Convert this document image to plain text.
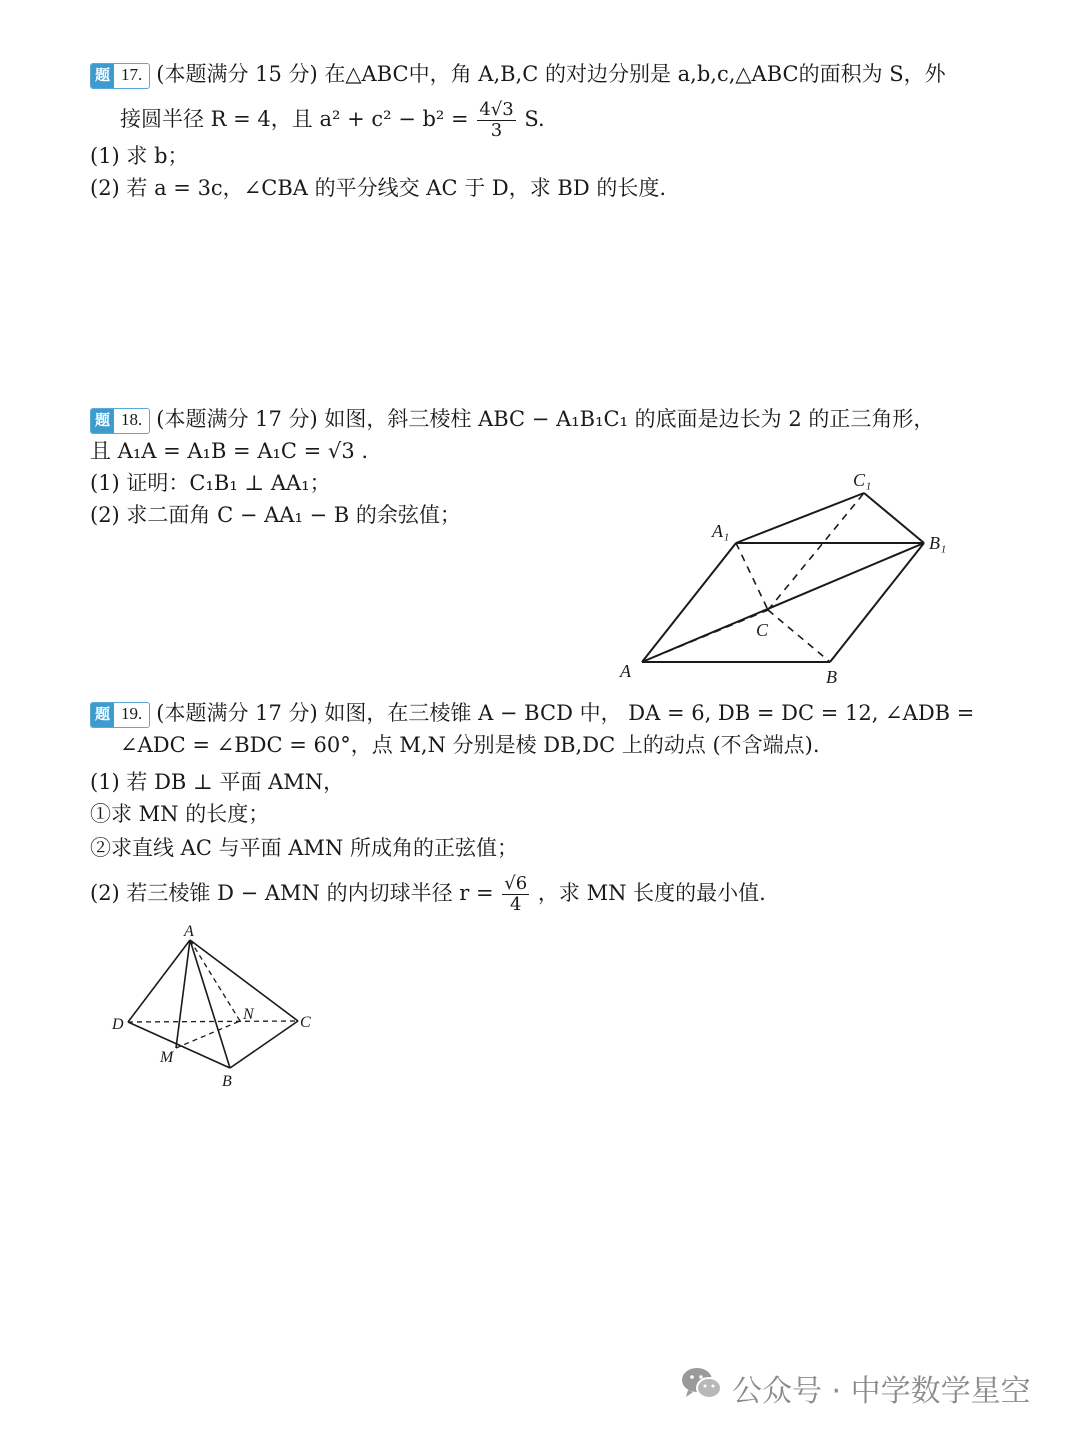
题 17. (本题满分 15 分) 在△ABC中，角 A,B,C 的对边分别是 a,b,c,△ABC的面积为 S，外
接圆半径 R = 4，且 $a^2 + c^2 - b^2 = \frac{4√3}{3} S$.
(1) 求 b；
(2) 若 a = 3c，∠CBA 的平分线交 AC 于 D，求 BD 的长度.
题 18. (本题满分 17 分) 如图，斜三棱柱 ABC − A₁B₁C₁ 的底面是边长为 2 的正三角形，
且 A₁A = A₁B = A₁C = √3 .
(1) 证明：C₁B₁ ⊥ AA₁；
(2) 求二面角 C − AA₁ − B 的余弦值；
A	B
C
A₁
B₁
C₁
题 19. (本题满分 17 分) 如图，在三棱锥 A − BCD 中， DA = 6, DB = DC = 12, ∠ADB =
∠ADC = ∠BDC = 60°，点 M,N 分别是棱 DB,DC 上的动点 (不含端点).
(1) 若 DB ⊥ 平面 AMN，
①求 MN 的长度；
②求直线 AC 与平面 AMN 所成角的正弦值；
(2) 若三棱锥 D − AMN 的内切球半径 $r = \frac{√6}{4}$ ，求 MN 长度的最小值.
A
D	C
B
M
N
公众号 · 中学数学星空
